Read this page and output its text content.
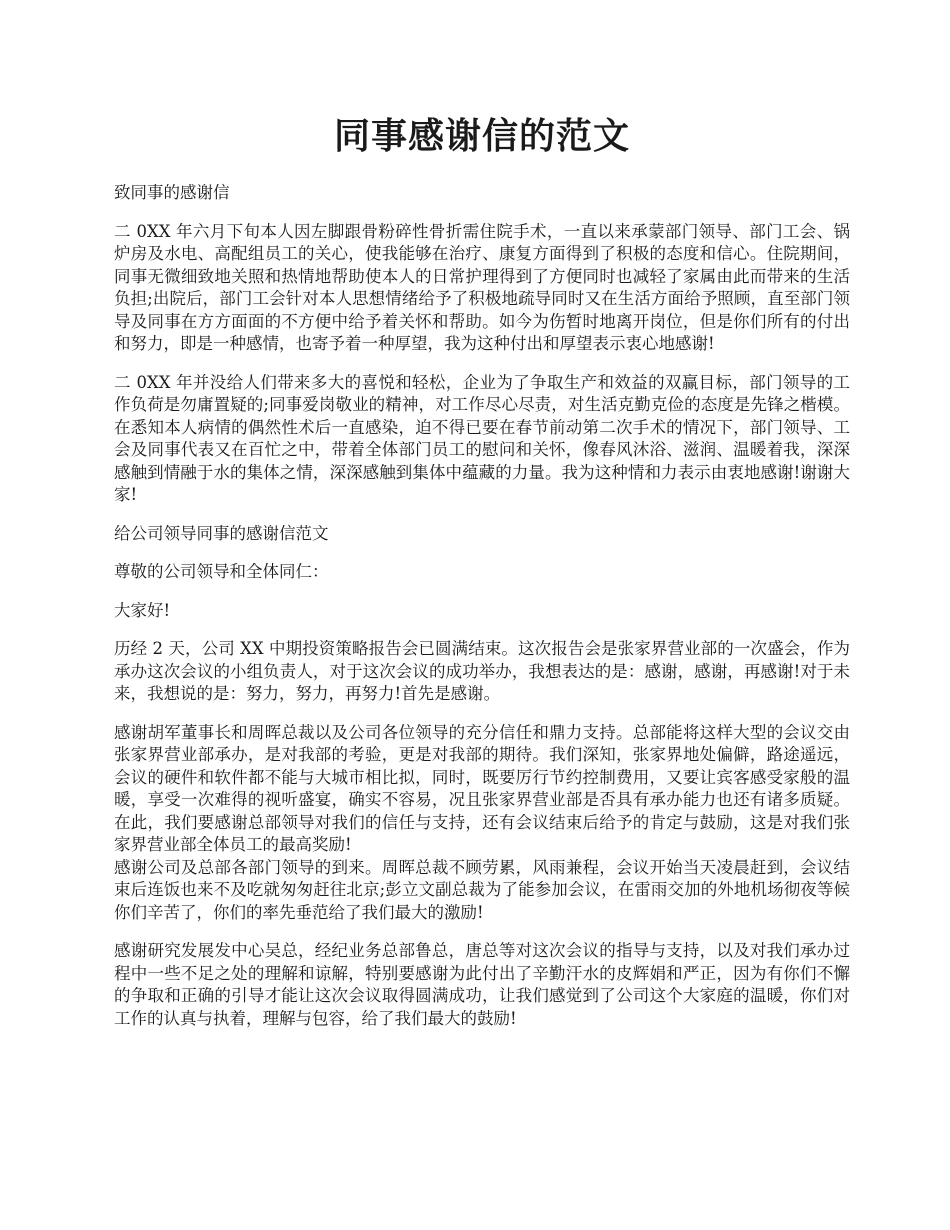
同事感谢信的范文

致同事的感谢信

二 0XX 年六月下旬本人因左脚跟骨粉碎性骨折需住院手术，一直以来承蒙部门领导、部门工会、锅炉房及水电、高配组员工的关心，使我能够在治疗、康复方面得到了积极的态度和信心。住院期间，同事无微细致地关照和热情地帮助使本人的日常护理得到了方便同时也减轻了家属由此而带来的生活负担;出院后，部门工会针对本人思想情绪给予了积极地疏导同时又在生活方面给予照顾，直至部门领导及同事在方方面面的不方便中给予着关怀和帮助。如今为伤暂时地离开岗位，但是你们所有的付出和努力，即是一种感情，也寄予着一种厚望，我为这种付出和厚望表示衷心地感谢!

二 0XX 年并没给人们带来多大的喜悦和轻松，企业为了争取生产和效益的双赢目标，部门领导的工作负荷是勿庸置疑的;同事爱岗敬业的精神，对工作尽心尽责，对生活克勤克俭的态度是先锋之楷模。在悉知本人病情的偶然性术后一直感染，迫不得已要在春节前动第二次手术的情况下，部门领导、工会及同事代表又在百忙之中，带着全体部门员工的慰问和关怀，像春风沐浴、滋润、温暖着我，深深感触到情融于水的集体之情，深深感触到集体中蕴藏的力量。我为这种情和力表示由衷地感谢!谢谢大家!

给公司领导同事的感谢信范文

尊敬的公司领导和全体同仁：

大家好!

历经 2 天，公司 XX 中期投资策略报告会已圆满结束。这次报告会是张家界营业部的一次盛会，作为承办这次会议的小组负责人，对于这次会议的成功举办，我想表达的是：感谢，感谢，再感谢!对于未来，我想说的是：努力，努力，再努力!首先是感谢。

感谢胡军董事长和周晖总裁以及公司各位领导的充分信任和鼎力支持。总部能将这样大型的会议交由张家界营业部承办，是对我部的考验，更是对我部的期待。我们深知，张家界地处偏僻，路途遥远，会议的硬件和软件都不能与大城市相比拟，同时，既要厉行节约控制费用，又要让宾客感受家般的温暖，享受一次难得的视听盛宴，确实不容易，况且张家界营业部是否具有承办能力也还有诸多质疑。在此，我们要感谢总部领导对我们的信任与支持，还有会议结束后给予的肯定与鼓励，这是对我们张家界营业部全体员工的最高奖励!

感谢公司及总部各部门领导的到来。周晖总裁不顾劳累，风雨兼程，会议开始当天凌晨赶到，会议结束后连饭也来不及吃就匆匆赶往北京;彭立文副总裁为了能参加会议，在雷雨交加的外地机场彻夜等候你们辛苦了，你们的率先垂范给了我们最大的激励!

感谢研究发展发中心吴总，经纪业务总部鲁总，唐总等对这次会议的指导与支持，以及对我们承办过程中一些不足之处的理解和谅解，特别要感谢为此付出了辛勤汗水的皮辉娟和严正，因为有你们不懈的争取和正确的引导才能让这次会议取得圆满成功，让我们感觉到了公司这个大家庭的温暖，你们对工作的认真与执着，理解与包容，给了我们最大的鼓励!
